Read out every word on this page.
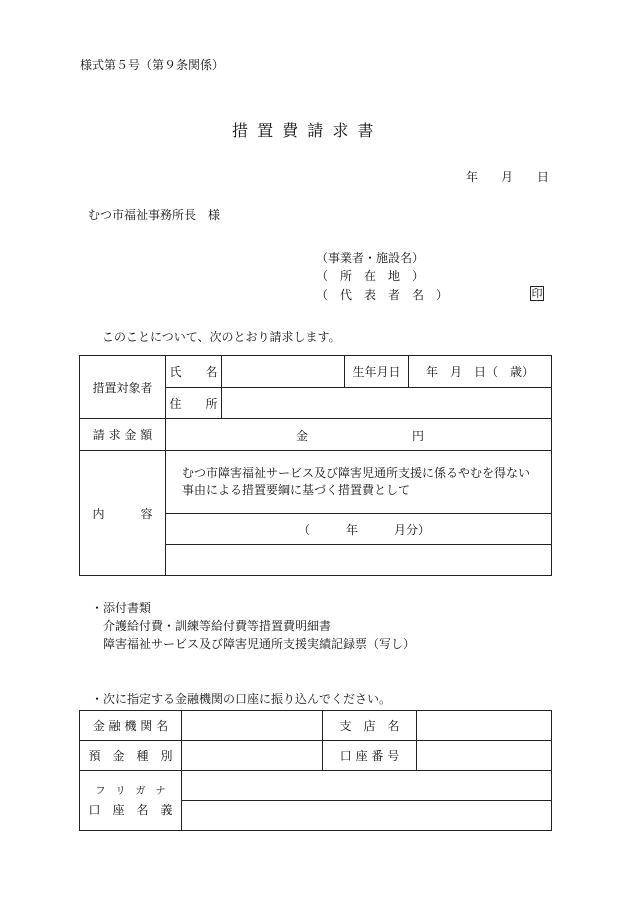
様式第５号（第９条関係）
措 置 費 請 求 書
年 月 日
むつ市福祉事務所長　様
（事業者・施設名）
（　所　在　地　）
（　代　表　者　名　）	印
このことについて、次のとおり請求します。
措置対象者	氏　　名		生年月日	年　月　日（　歳）
	住　　所			
請 求 金 額	金 円			

内　　　容	むつ市障害福祉サービス及び障害児通所支援に係るやむを得ない
事由による措置要綱に基づく措置費として			

	（　　　年　　　月分）			

・添付書類
介護給付費・訓練等給付費等措置費明細書
障害福祉サービス及び障害児通所支援実績記録票（写し）
・次に指定する金融機関の口座に振り込んでください。
金 融 機 関 名		支　店　名	
預　金　種　別		口 座 番 号	

フ　リ　ガ　ナ
口　座　名　義			
